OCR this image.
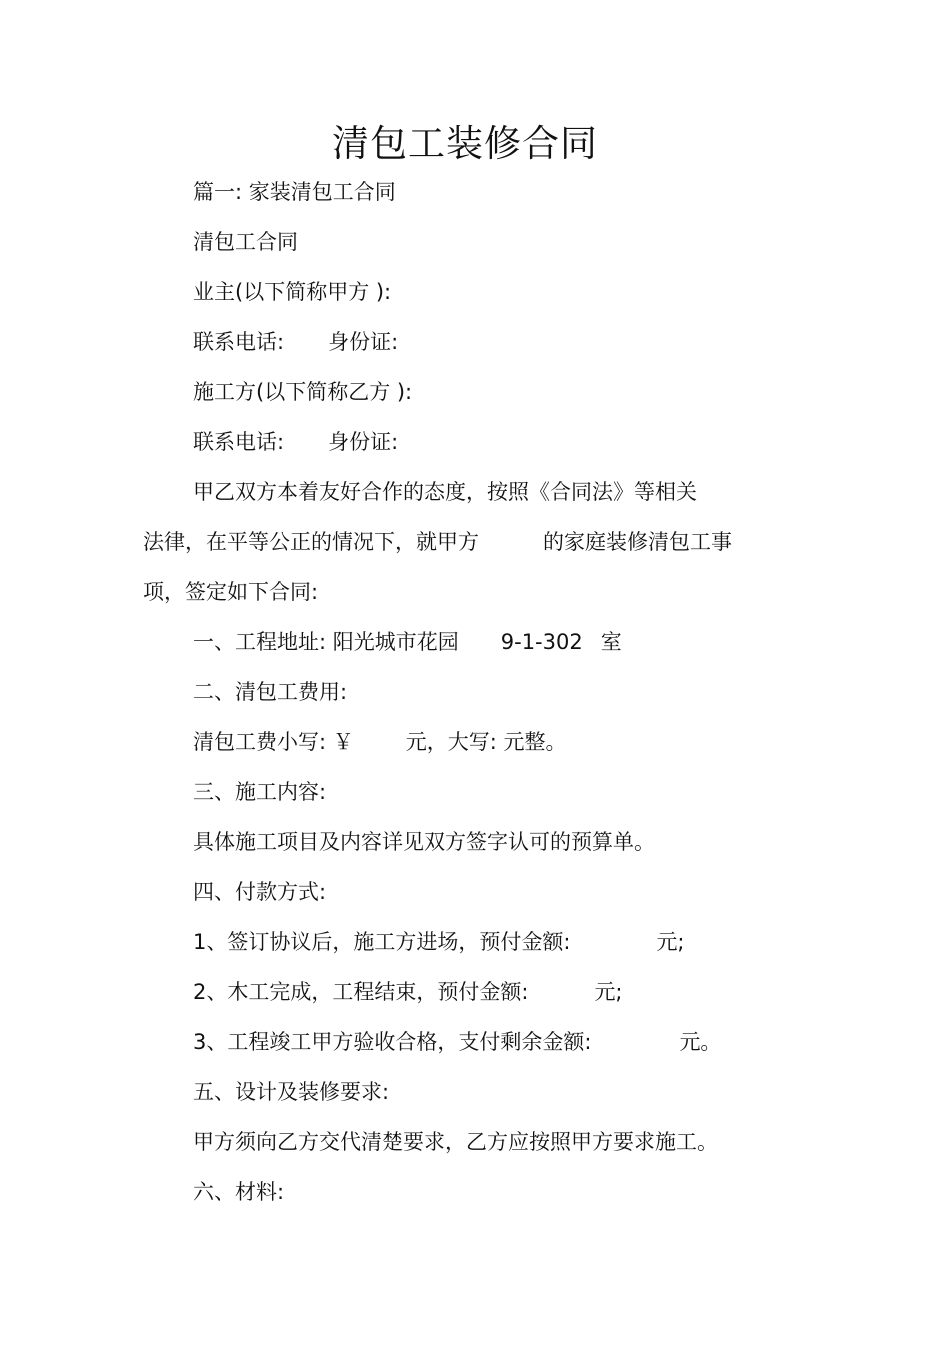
清包工装修合同
篇一: 家装清包工合同
清包工合同
业主(以下简称甲方 ):
联系电话: 身份证:
施工方(以下简称乙方 ):
联系电话: 身份证:
甲乙双方本着友好合作的态度，按照《合同法》等相关
法律，在平等公正的情况下，就甲方	的家庭装修清包工事
项，签定如下合同:
一、工程地址: 阳光城市花园 9-1-302 室
二、清包工费用:
清包工费小写: ￥ 元，大写: 元整。
三、施工内容:
具体施工项目及内容详见双方签字认可的预算单。
四、付款方式:
1、签订协议后，施工方进场，预付金额:	元;
2、木工完成，工程结束，预付金额:	元;
3、工程竣工甲方验收合格，支付剩余金额:	元。
五、设计及装修要求:
甲方须向乙方交代清楚要求，乙方应按照甲方要求施工。
六、材料:
